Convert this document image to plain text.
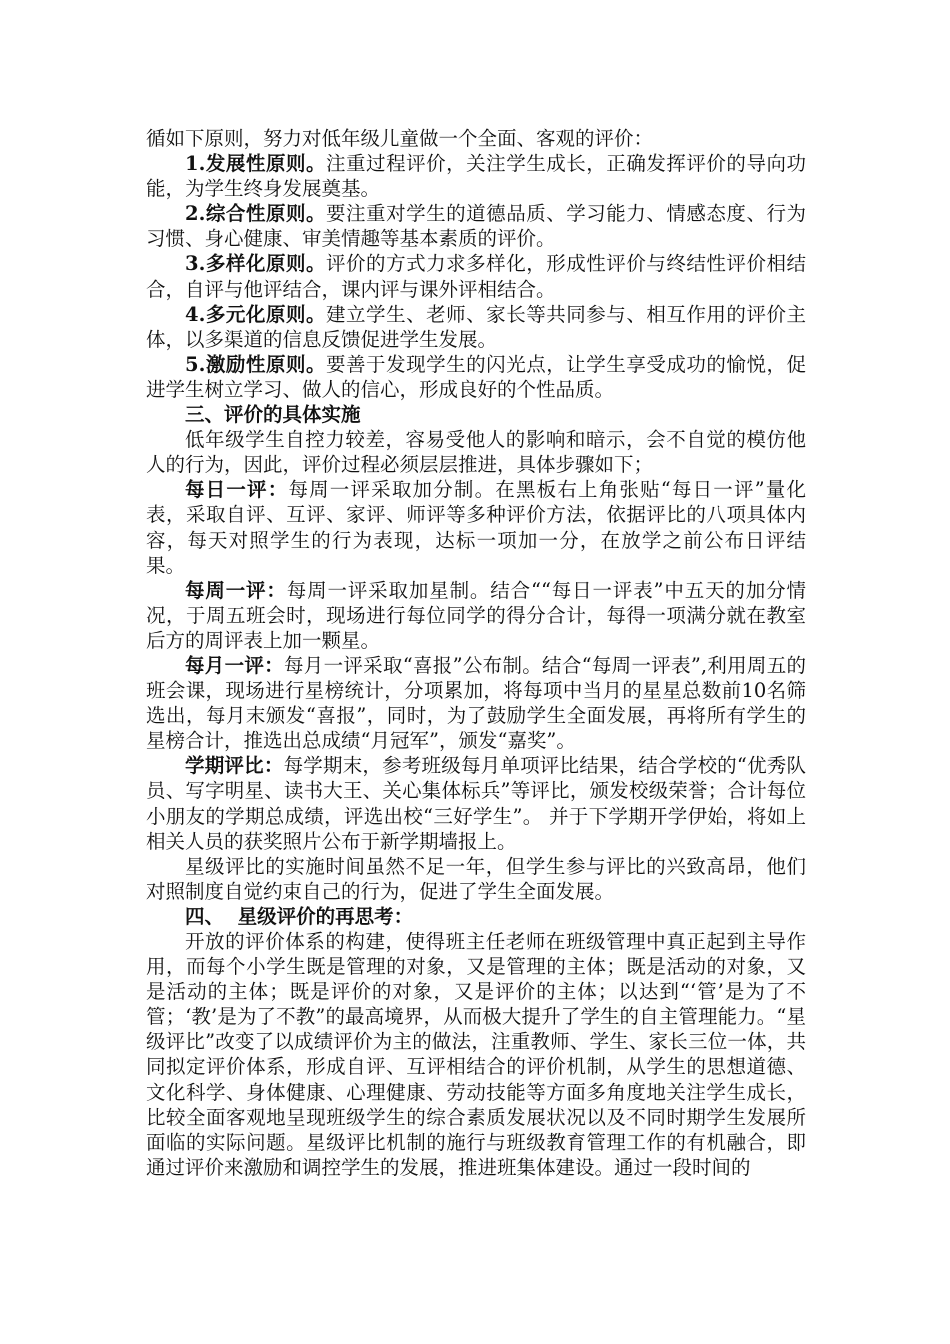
循如下原则，努力对低年级儿童做一个全面、客观的评价：

1.发展性原则。注重过程评价，关注学生成长，正确发挥评价的导向功能，为学生终身发展奠基。

2.综合性原则。要注重对学生的道德品质、学习能力、情感态度、行为习惯、身心健康、审美情趣等基本素质的评价。

3.多样化原则。评价的方式力求多样化，形成性评价与终结性评价相结合，自评与他评结合，课内评与课外评相结合。

4.多元化原则。建立学生、老师、家长等共同参与、相互作用的评价主体，以多渠道的信息反馈促进学生发展。

5.激励性原则。要善于发现学生的闪光点，让学生享受成功的愉悦，促进学生树立学习、做人的信心，形成良好的个性品质。

三、评价的具体实施

低年级学生自控力较差，容易受他人的影响和暗示，会不自觉的模仿他人的行为，因此，评价过程必须层层推进，具体步骤如下；

每日一评：每周一评采取加分制。在黑板右上角张贴“每日一评”量化表，采取自评、互评、家评、师评等多种评价方法，依据评比的八项具体内容，每天对照学生的行为表现，达标一项加一分，在放学之前公布日评结果。

每周一评：每周一评采取加星制。结合““每日一评表”中五天的加分情况，于周五班会时，现场进行每位同学的得分合计，每得一项满分就在教室后方的周评表上加一颗星。

每月一评：每月一评采取“喜报”公布制。结合“每周一评表”,利用周五的班会课，现场进行星榜统计，分项累加，将每项中当月的星星总数前10名筛选出，每月末颁发“喜报”，同时，为了鼓励学生全面发展，再将所有学生的星榜合计，推选出总成绩“月冠军”，颁发“嘉奖”。

学期评比：每学期末，参考班级每月单项评比结果，结合学校的“优秀队员、写字明星、读书大王、关心集体标兵”等评比，颁发校级荣誉；合计每位小朋友的学期总成绩，评选出校“三好学生”。 并于下学期开学伊始，将如上相关人员的获奖照片公布于新学期墙报上。

星级评比的实施时间虽然不足一年，但学生参与评比的兴致高昂，他们对照制度自觉约束自己的行为，促进了学生全面发展。

四、  星级评价的再思考：

开放的评价体系的构建，使得班主任老师在班级管理中真正起到主导作用，而每个小学生既是管理的对象，又是管理的主体；既是活动的对象，又是活动的主体；既是评价的对象，又是评价的主体；以达到“‘管’是为了不管；‘教’是为了不教”的最高境界，从而极大提升了学生的自主管理能力。“星级评比”改变了以成绩评价为主的做法，注重教师、学生、家长三位一体，共同拟定评价体系，形成自评、互评相结合的评价机制，从学生的思想道德、文化科学、身体健康、心理健康、劳动技能等方面多角度地关注学生成长，比较全面客观地呈现班级学生的综合素质发展状况以及不同时期学生发展所面临的实际问题。星级评比机制的施行与班级教育管理工作的有机融合，即通过评价来激励和调控学生的发展，推进班集体建设。通过一段时间的
